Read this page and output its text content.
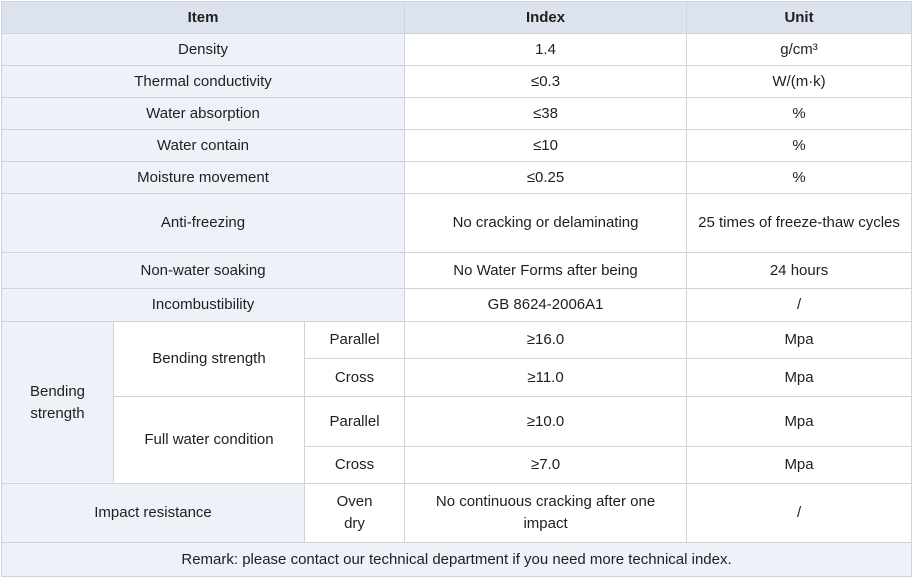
Item			Index	Unit
Density			1.4	g/cm³
Thermal conductivity			≤0.3	W/(m·k)
Water absorption			≤38	%
Water contain			≤10	%
Moisture movement			≤0.25	%
Anti-freezing			No cracking or delaminating	25 times of freeze-thaw cycles
Non-water soaking			No Water Forms after being	24 hours
Incombustibility			GB 8624-2006A1	/
Bending strength	Bending strength	Parallel	≥16.0	Mpa
		Cross	≥11.0	Mpa
	Full water condition	Parallel	≥10.0	Mpa
		Cross	≥7.0	Mpa
Impact resistance		Oven dry	No continuous cracking after one impact	/
Remark: please contact our technical department if you need more technical index.				
